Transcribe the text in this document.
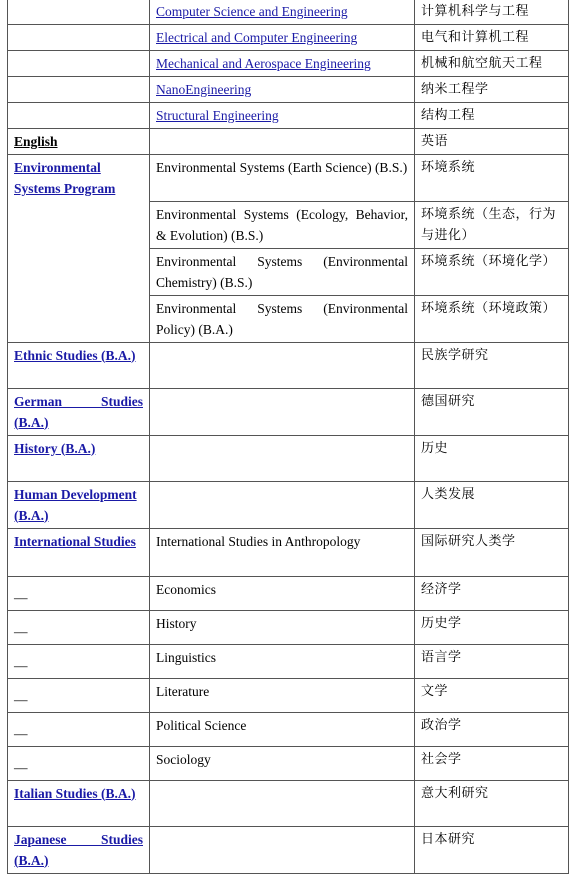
	Computer Science and Engineering	计算机科学与工程
	Electrical and Computer Engineering	电气和计算机工程
	Mechanical and Aerospace Engineering	机械和航空航天工程
	NanoEngineering	纳米工程学
	Structural Engineering	结构工程
English		英语
Environmental Systems Program	Environmental Systems (Earth Science) (B.S.)	环境系统
	Environmental Systems (Ecology, Behavior, & Evolution) (B.S.)	环境系统（生态，行为与进化）
	Environmental Systems (Environmental Chemistry) (B.S.)	环境系统（环境化学）
	Environmental Systems (Environmental Policy) (B.A.)	环境系统（环境政策）
Ethnic Studies (B.A.)		民族学研究

German Studies (B.A.)		德国研究
History (B.A.)		历史
Human Development (B.A.)		人类发展
International Studies	International Studies in Anthropology	国际研究人类学
—	Economics	经济学
—	History	历史学
—	Linguistics	语言学
—	Literature	文学
—	Political Science	政治学
—	Sociology	社会学
Italian Studies (B.A.)		意大利研究

Japanese Studies (B.A.)		日本研究
